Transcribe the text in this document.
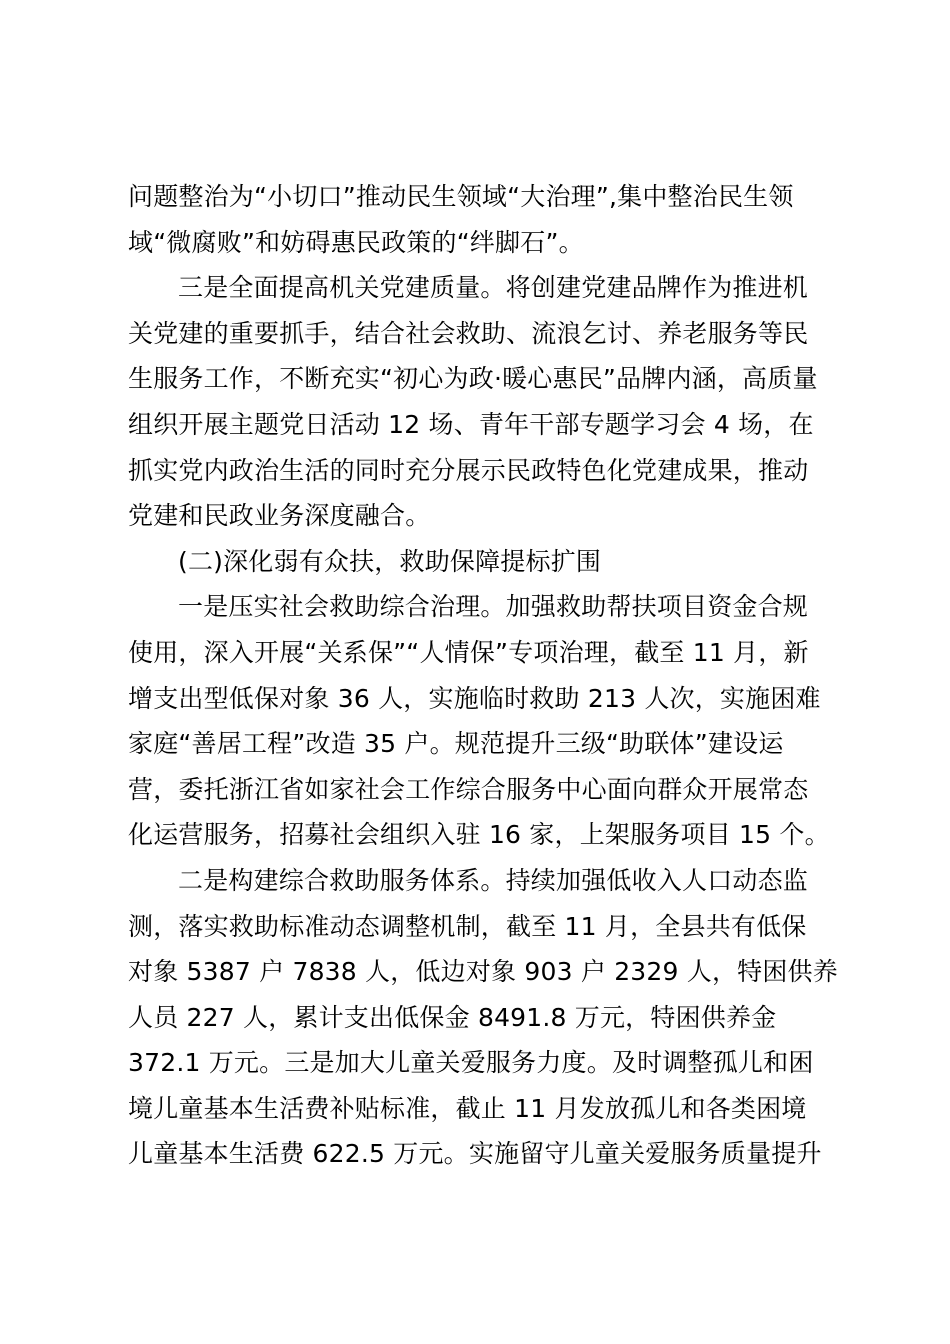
问题整治为“小切口”推动民生领域“大治理”,集中整治民生领
域“微腐败”和妨碍惠民政策的“绊脚石”。
三是全面提高机关党建质量。将创建党建品牌作为推进机
关党建的重要抓手，结合社会救助、流浪乞讨、养老服务等民
生服务工作，不断充实“初心为政·暖心惠民”品牌内涵，高质量
组织开展主题党日活动 12 场、青年干部专题学习会 4 场，在
抓实党内政治生活的同时充分展示民政特色化党建成果，推动
党建和民政业务深度融合。
(二)深化弱有众扶，救助保障提标扩围
一是压实社会救助综合治理。加强救助帮扶项目资金合规
使用，深入开展“关系保”“人情保”专项治理，截至 11 月，新
增支出型低保对象 36 人，实施临时救助 213 人次，实施困难
家庭“善居工程”改造 35 户。规范提升三级“助联体”建设运
营，委托浙江省如家社会工作综合服务中心面向群众开展常态
化运营服务，招募社会组织入驻 16 家，上架服务项目 15 个。
二是构建综合救助服务体系。持续加强低收入人口动态监
测，落实救助标准动态调整机制，截至 11 月，全县共有低保
对象 5387 户 7838 人，低边对象 903 户 2329 人，特困供养
人员 227 人，累计支出低保金 8491.8 万元，特困供养金
372.1 万元。三是加大儿童关爱服务力度。及时调整孤儿和困
境儿童基本生活费补贴标准，截止 11 月发放孤儿和各类困境
儿童基本生活费 622.5 万元。实施留守儿童关爱服务质量提升
